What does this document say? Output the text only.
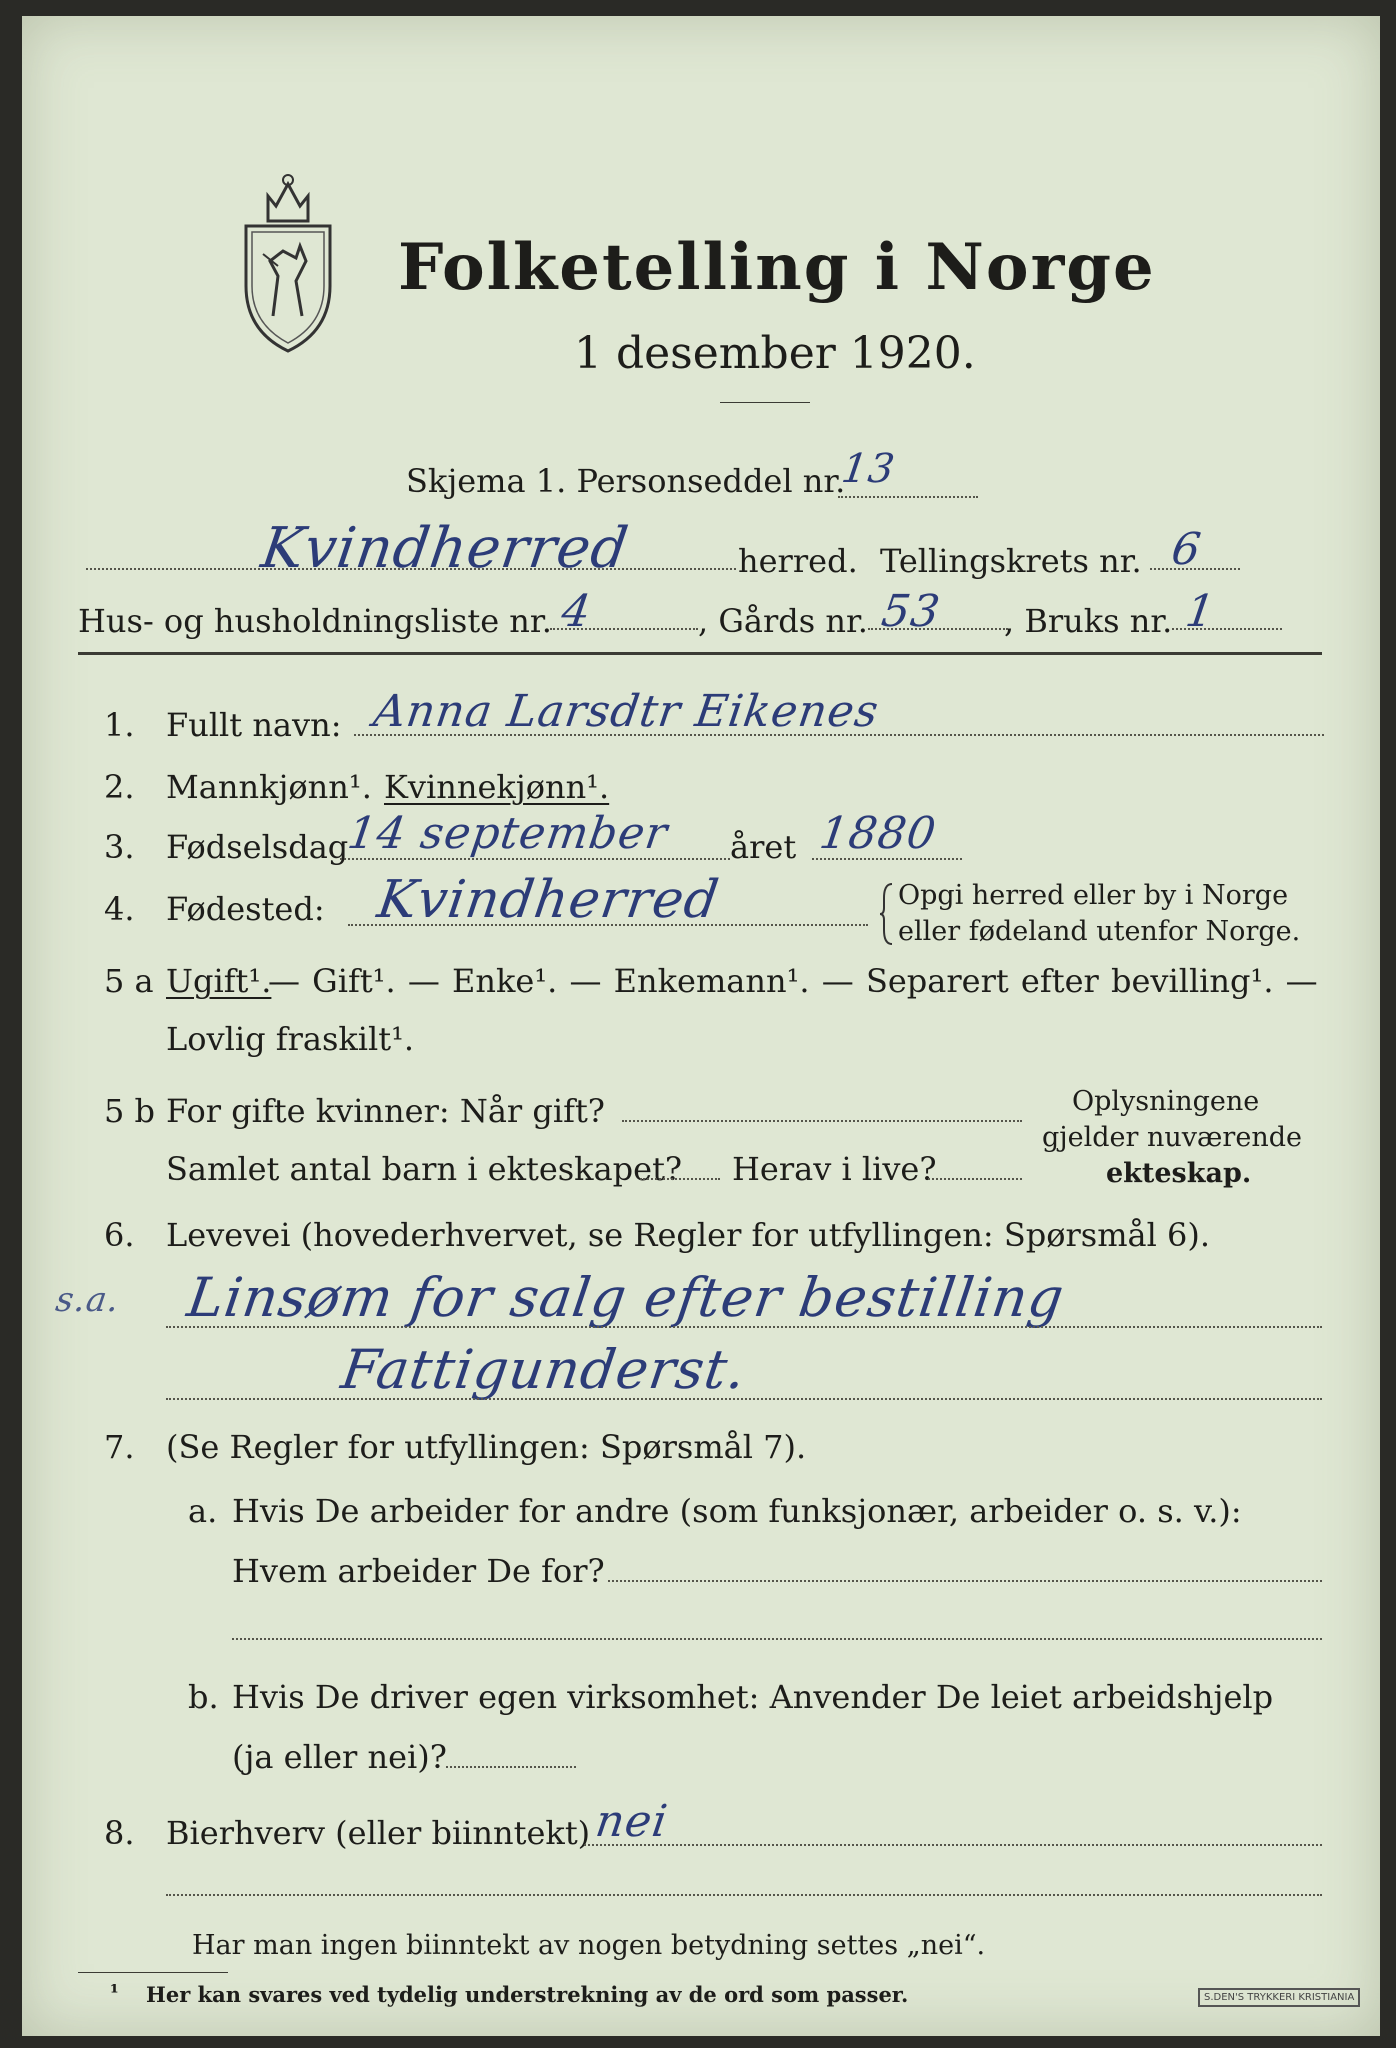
Folketelling i Norge
1 desember 1920.
Skjema 1. Personseddel nr.
13
Kvindherred	herred. Tellingskrets nr. 6
Hus- og husholdningsliste nr. 4	, Gårds nr. 53 , Bruks nr. 1
1. Fullt navn: Anna Larsdtr Eikenes
2. Mannkjønn¹. Kvinnekjønn¹.
3. Fødselsdag
14 september året 1880
4. Fødested: Kvindherred	Opgi herred eller by i Norge
eller fødeland utenfor Norge.
5 a Ugift¹.
— Gift¹. — Enke¹. — Enkemann¹. — Separert efter bevilling¹. —
Lovlig fraskilt¹.
5 b For gifte kvinner: Når gift?
Samlet antal barn i ekteskapet? Herav i live?
Oplysningene
gjelder nuværende
ekteskap.
6. Levevei (hovederhvervet, se Regler for utfyllingen: Spørsmål 6).
s.a. Linsøm for salg efter bestilling
Fattigunderst.
7. (Se Regler for utfyllingen: Spørsmål 7).
a. Hvis De arbeider for andre (som funksjonær, arbeider o. s. v.):
Hvem arbeider De for?
b. Hvis De driver egen virksomhet: Anvender De leiet arbeidshjelp
(ja eller nei)?
8. Bierhverv (eller biinntekt) nei
Har man ingen biinntekt av nogen betydning settes „nei“.
¹ Her kan svares ved tydelig understrekning av de ord som passer.	S.DEN'S TRYKKERI KRISTIANIA
